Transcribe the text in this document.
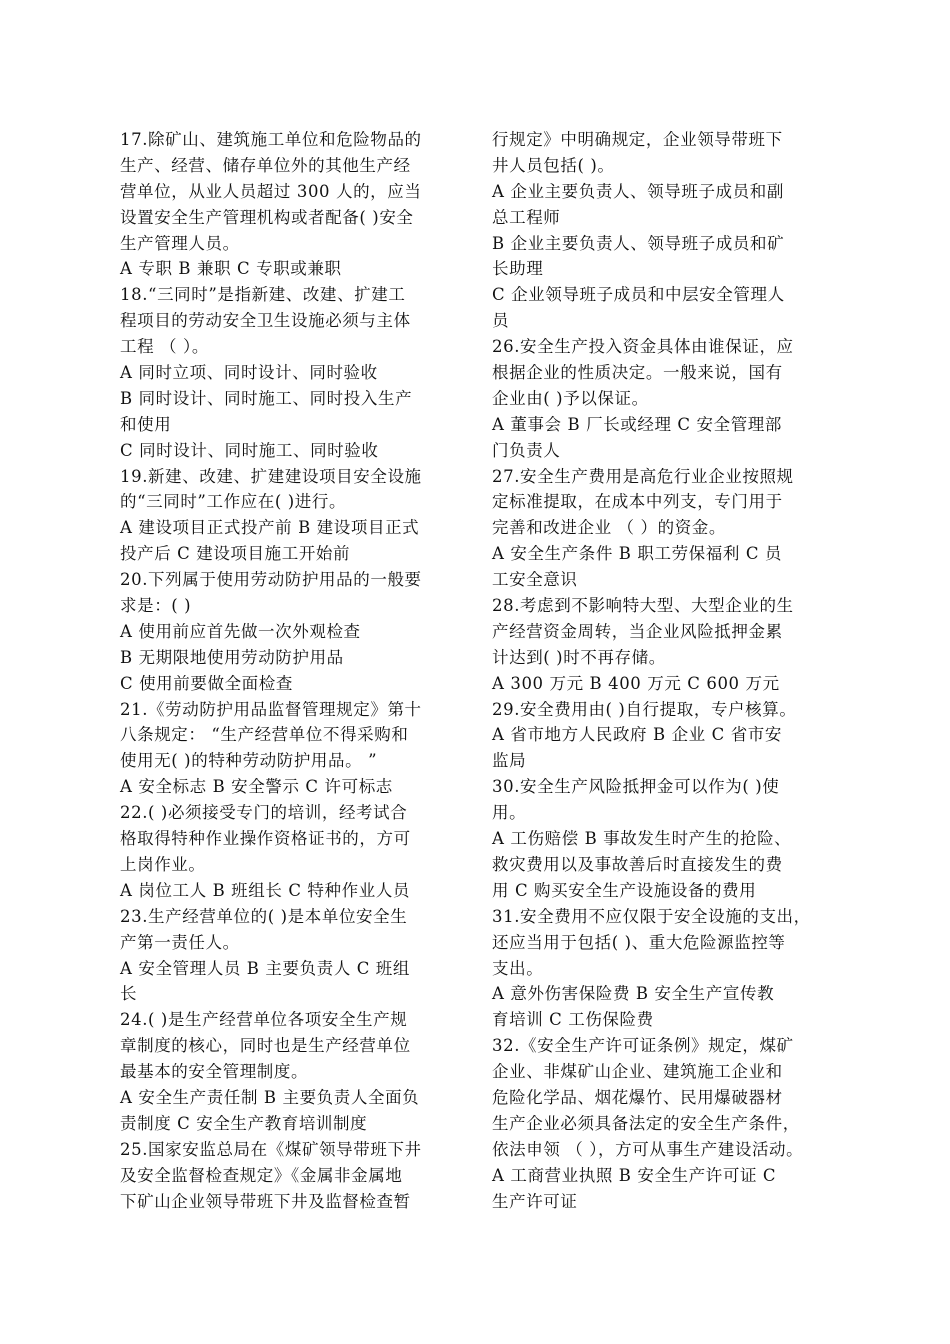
17.除矿山、建筑施工单位和危险物品的
生产、经营、储存单位外的其他生产经
营单位，从业人员超过 300 人的，应当
设置安全生产管理机构或者配备( )安全
生产管理人员。
A 专职 B 兼职 C 专职或兼职
18.“三同时”是指新建、改建、扩建工
程项目的劳动安全卫生设施必须与主体
工程 （ ）。
A 同时立项、同时设计、同时验收
B 同时设计、同时施工、同时投入生产
和使用
C 同时设计、同时施工、同时验收
19.新建、改建、扩建建设项目安全设施
的“三同时”工作应在( )进行。
A 建设项目正式投产前 B 建设项目正式
投产后 C 建设项目施工开始前
20.下列属于使用劳动防护用品的一般要
求是：( )
A 使用前应首先做一次外观检查
B 无期限地使用劳动防护用品
C 使用前要做全面检查
21.《劳动防护用品监督管理规定》第十
八条规定： “生产经营单位不得采购和
使用无( )的特种劳动防护用品。 ”
A 安全标志 B 安全警示 C 许可标志
22.( )必须接受专门的培训，经考试合
格取得特种作业操作资格证书的，方可
上岗作业。
A 岗位工人 B 班组长 C 特种作业人员
23.生产经营单位的( )是本单位安全生
产第一责任人。
A 安全管理人员 B 主要负责人 C 班组
长
24.( )是生产经营单位各项安全生产规
章制度的核心，同时也是生产经营单位
最基本的安全管理制度。
A 安全生产责任制 B 主要负责人全面负
责制度 C 安全生产教育培训制度
25.国家安监总局在《煤矿领导带班下井
及安全监督检查规定》《金属非金属地
下矿山企业领导带班下井及监督检查暂
行规定》中明确规定，企业领导带班下
井人员包括( )。
A 企业主要负责人、领导班子成员和副
总工程师
B 企业主要负责人、领导班子成员和矿
长助理
C 企业领导班子成员和中层安全管理人
员
26.安全生产投入资金具体由谁保证，应
根据企业的性质决定。一般来说，国有
企业由( )予以保证。
A 董事会 B 厂长或经理 C 安全管理部
门负责人
27.安全生产费用是高危行业企业按照规
定标准提取，在成本中列支，专门用于
完善和改进企业 （ ）的资金。
A 安全生产条件 B 职工劳保福利 C 员
工安全意识
28.考虑到不影响特大型、大型企业的生
产经营资金周转，当企业风险抵押金累
计达到( )时不再存储。
A 300 万元 B 400 万元 C 600 万元
29.安全费用由( )自行提取，专户核算。
A 省市地方人民政府 B 企业 C 省市安
监局
30.安全生产风险抵押金可以作为( )使
用。
A 工伤赔偿 B 事故发生时产生的抢险、
救灾费用以及事故善后时直接发生的费
用 C 购买安全生产设施设备的费用
31.安全费用不应仅限于安全设施的支出，
还应当用于包括( )、重大危险源监控等
支出。
A 意外伤害保险费 B 安全生产宣传教
育培训 C 工伤保险费
32.《安全生产许可证条例》规定，煤矿
企业、非煤矿山企业、建筑施工企业和
危险化学品、烟花爆竹、民用爆破器材
生产企业必须具备法定的安全生产条件，
依法申领 （ ），方可从事生产建设活动。
A 工商营业执照 B 安全生产许可证 C
生产许可证
